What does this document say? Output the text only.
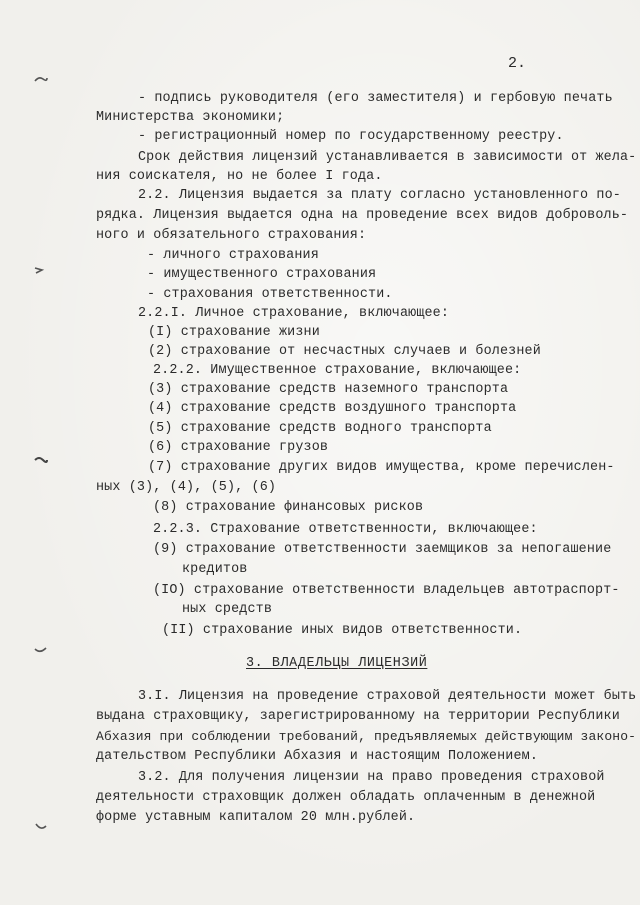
2.
- подпись руководителя (его заместителя) и гербовую печать
Министерства экономики;
- регистрационный номер по государственному реестру.
Срок действия лицензий устанавливается в зависимости от жела-
ния соискателя, но не более I года.
2.2. Лицензия выдается за плату согласно установленного по-
рядка. Лицензия выдается одна на проведение всех видов доброволь-
ного и обязательного страхования:
- личного страхования
- имущественного страхования
- страхования ответственности.
2.2.I. Личное страхование, включающее:
(I) страхование жизни
(2) страхование от несчастных случаев и болезней
2.2.2. Имущественное страхование, включающее:
(3) страхование средств наземного транспорта
(4) страхование средств воздушного транспорта
(5) страхование средств водного транспорта
(6) страхование грузов
(7) страхование других видов имущества, кроме перечислен-
ных (3), (4), (5), (6)
(8) страхование финансовых рисков
2.2.3. Страхование ответственности, включающее:
(9) страхование ответственности заемщиков за непогашение
кредитов
(IO) страхование ответственности владельцев автотраспорт-
ных средств
(II) страхование иных видов ответственности.
3. ВЛАДЕЛЬЦЫ ЛИЦЕНЗИЙ
3.I. Лицензия на проведение страховой деятельности может быть
выдана страховщику, зарегистрированному на территории Республики
Абхазия при соблюдении требований, предъявляемых действующим законо-
дательством Республики Абхазия и настоящим Положением.
3.2. Для получения лицензии на право проведения страховой
деятельности страховщик должен обладать оплаченным в денежной
форме уставным капиталом 20 млн.рублей.
